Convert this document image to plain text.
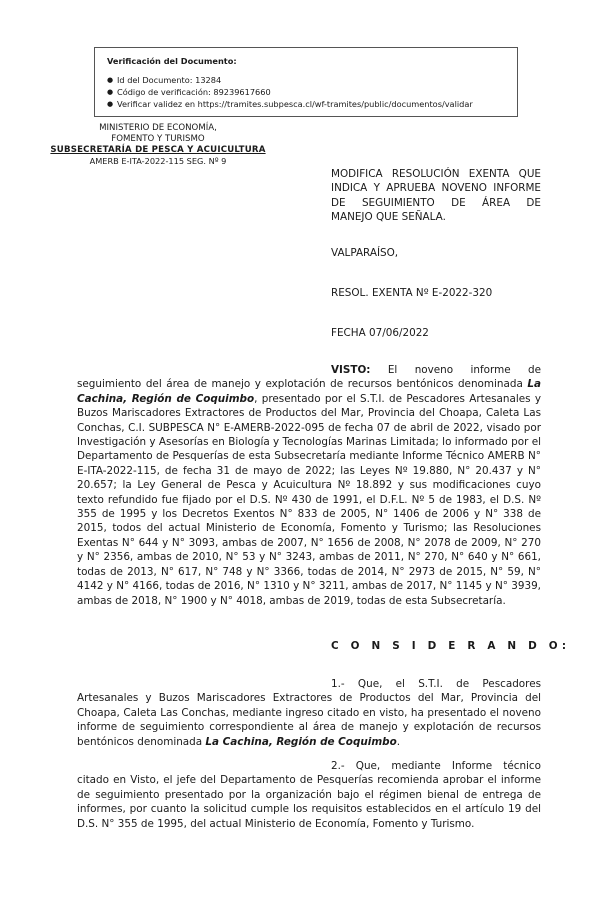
Verificación del Documento:
● Id del Documento: 13284
● Código de verificación: 89239617660
● Verificar validez en https://tramites.subpesca.cl/wf-tramites/public/documentos/validar
MINISTERIO DE ECONOMÍA,
FOMENTO Y TURISMO
SUBSECRETARÍA DE PESCA Y ACUICULTURA
AMERB E-ITA-2022-115 SEG. Nº 9
MODIFICA RESOLUCIÓN EXENTA QUE
INDICA Y APRUEBA NOVENO INFORME
DE SEGUIMIENTO DE ÁREA DE
MANEJO QUE SEÑALA.
VALPARAÍSO,
RESOL. EXENTA Nº E-2022-320
FECHA 07/06/2022

VISTO: El noveno informe de seguimiento del área de manejo y explotación de recursos bentónicos denominada La Cachina, Región de Coquimbo, presentado por el S.T.I. de Pescadores Artesanales y Buzos Mariscadores Extractores de Productos del Mar, Provincia del Choapa, Caleta Las Conchas, C.I. SUBPESCA N° E-AMERB-2022-095 de fecha 07 de abril de 2022, visado por Investigación y Asesorías en Biología y Tecnologías Marinas Limitada; lo informado por el Departamento de Pesquerías de esta Subsecretaría mediante Informe Técnico AMERB N° E-ITA-2022-115, de fecha 31 de mayo de 2022; las Leyes Nº 19.880, N° 20.437 y N° 20.657; la Ley General de Pesca y Acuicultura Nº 18.892 y sus modificaciones cuyo texto refundido fue fijado por el D.S. Nº 430 de 1991, el D.F.L. Nº 5 de 1983, el D.S. Nº 355 de 1995 y los Decretos Exentos N° 833 de 2005, N° 1406 de 2006 y N° 338 de 2015, todos del actual Ministerio de Economía, Fomento y Turismo; las Resoluciones Exentas N° 644 y N° 3093, ambas de 2007, N° 1656 de 2008, N° 2078 de 2009, N° 270 y N° 2356, ambas de 2010, N° 53 y N° 3243, ambas de 2011, N° 270, N° 640 y N° 661, todas de 2013, N° 617, N° 748 y N° 3366, todas de 2014, N° 2973 de 2015, N° 59, N° 4142 y N° 4166, todas de 2016, N° 1310 y N° 3211, ambas de 2017, N° 1145 y N° 3939, ambas de 2018, N° 1900 y N° 4018, ambas de 2019, todas de esta Subsecretaría.

C O N S I D E R A N D O:

1.- Que, el S.T.I. de Pescadores Artesanales y Buzos Mariscadores Extractores de Productos del Mar, Provincia del Choapa, Caleta Las Conchas, mediante ingreso citado en visto, ha presentado el noveno informe de seguimiento correspondiente al área de manejo y explotación de recursos bentónicos denominada La Cachina, Región de Coquimbo.

2.- Que, mediante Informe técnico citado en Visto, el jefe del Departamento de Pesquerías recomienda aprobar el informe de seguimiento presentado por la organización bajo el régimen bienal de entrega de informes, por cuanto la solicitud cumple los requisitos establecidos en el artículo 19 del D.S. N° 355 de 1995, del actual Ministerio de Economía, Fomento y Turismo.
